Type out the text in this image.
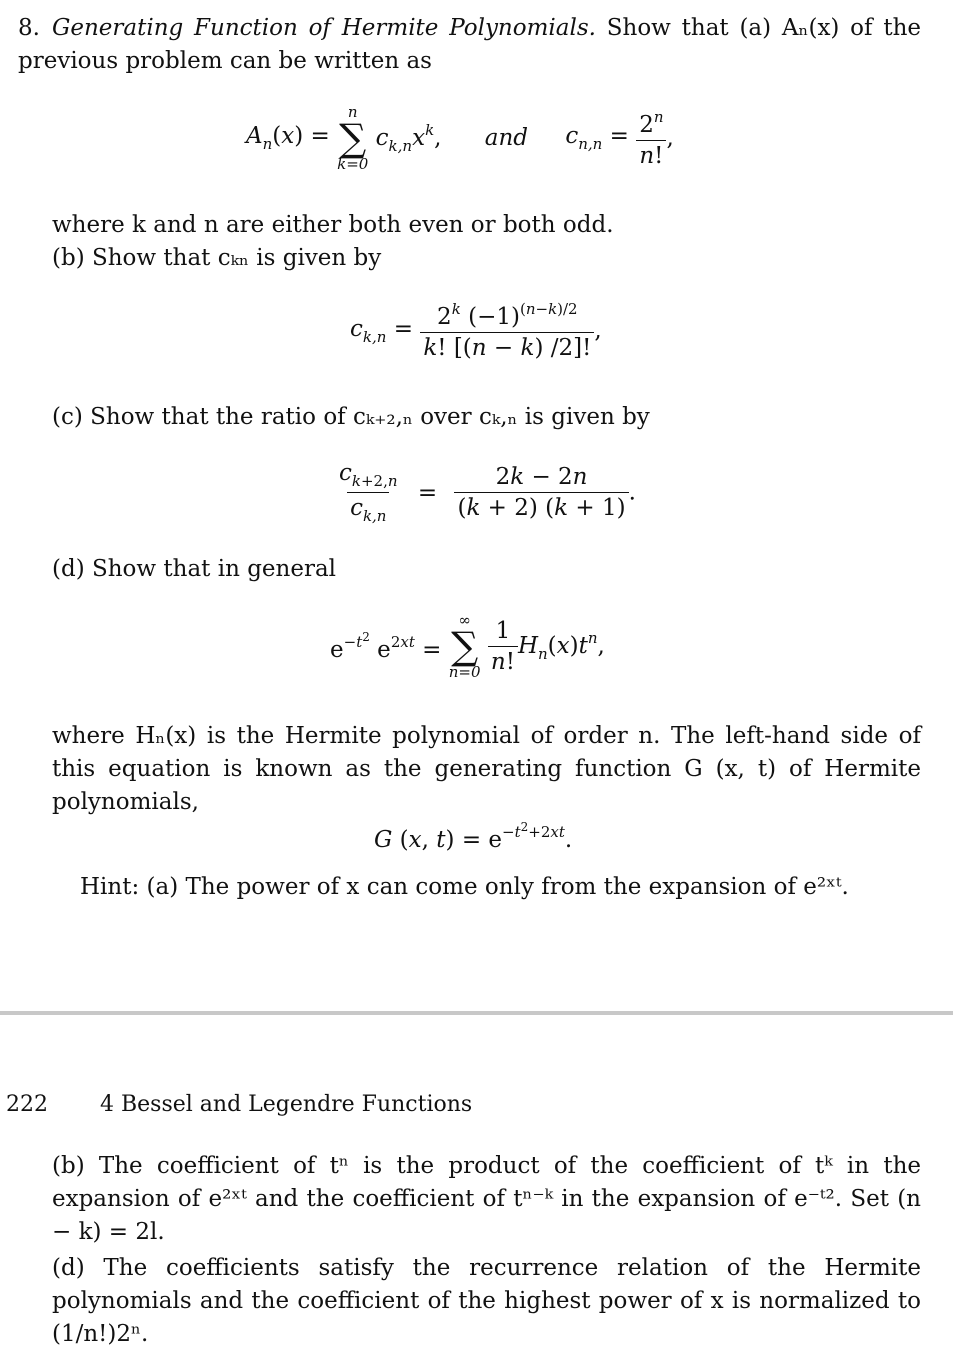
8. Generating Function of Hermite Polynomials. Show that (a) Aₙ(x) of the previous problem can be written as
$A_n(x)$ =
n
∑
k=0
$c_{k,n}x^k$, and $c_{n,n} = \frac{2^n}{n!}$ ,
where k and n are either both even or both odd.
(b) Show that cₖₙ is given by
$c_{k,n} = \frac{2^k (-1)^{(n-k)/2}}{k! [(n - k) /2]!}$ ,
(c) Show that the ratio of cₖ₊₂,ₙ over cₖ,ₙ is given by
$\frac{c_{k+2,n}}{c_{k,n}} = \frac{2k - 2n}{(k + 2) (k + 1)}$ .
(d) Show that in general
$e^{-t^2}$ $e^{2xt}$ =
∞
∑
n=0
$\frac{1}{n!} H_n(x)t^n$,
where Hₙ(x) is the Hermite polynomial of order n. The left-hand side of this equation is known as the generating function G (x, t) of Hermite polynomials,
G (x, $t) = e^{-t^2+2xt}$.
Hint: (a) The power of x can come only from the expansion of e²ˣᵗ.
222 4 Bessel and Legendre Functions
(b) The coefficient of tⁿ is the product of the coefficient of tᵏ in the expansion of e²ˣᵗ and the coefficient of tⁿ⁻ᵏ in the expansion of e⁻ᵗ². Set (n − k) = 2l.
(d) The coefficients satisfy the recurrence relation of the Hermite polynomials and the coefficient of the highest power of x is normalized to (1/n!)2ⁿ.
